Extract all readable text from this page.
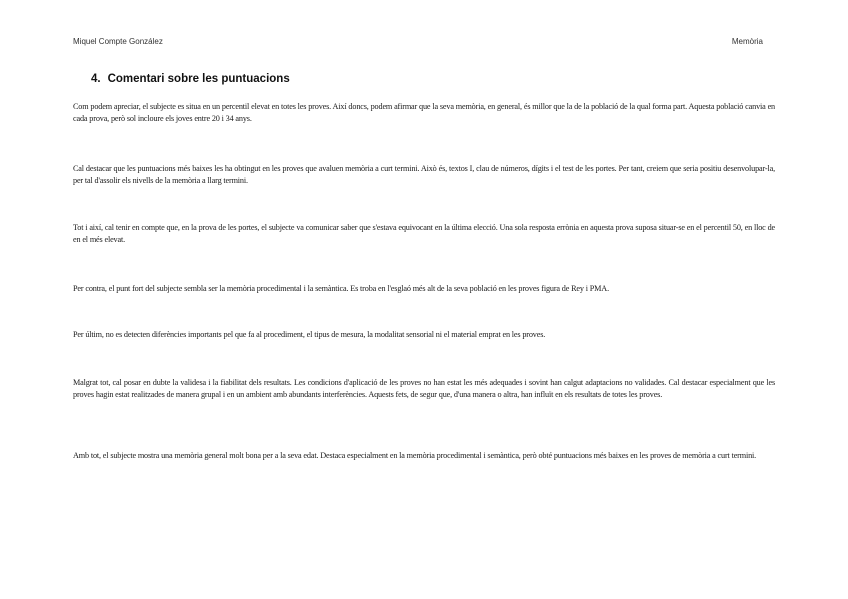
Miquel Compte González	Memòria
4. Comentari sobre les puntuacions

Com podem apreciar, el subjecte es situa en un percentil elevat en totes les proves. Així doncs, podem afirmar que la seva memòria, en general, és millor que la de la població de la qual forma part. Aquesta població canvia en cada prova, però sol incloure els joves entre 20 i 34 anys.

Cal destacar que les puntuacions més baixes les ha obtingut en les proves que avaluen memòria a curt termini. Això és, textos I, clau de números, dígits i el test de les portes. Per tant, creiem que seria positiu desenvolupar-la, per tal d'assolir els nivells de la memòria a llarg termini.

Tot i així, cal tenir en compte que, en la prova de les portes, el subjecte va comunicar saber que s'estava equivocant en la última elecció. Una sola resposta errònia en aquesta prova suposa situar-se en el percentil 50, en lloc de en el més elevat.

Per contra, el punt fort del subjecte sembla ser la memòria procedimental i la semàntica. Es troba en l'esglaó més alt de la seva població en les proves figura de Rey i PMA.

Per últim, no es detecten diferències importants pel que fa al procediment, el tipus de mesura, la modalitat sensorial ni el material emprat en les proves.

Malgrat tot, cal posar en dubte la validesa i la fiabilitat dels resultats. Les condicions d'aplicació de les proves no han estat les més adequades i sovint han calgut adaptacions no validades. Cal destacar especialment que les proves hagin estat realitzades de manera grupal i en un ambient amb abundants interferències. Aquests fets, de segur que, d'una manera o altra, han influït en els resultats de totes les proves.

Amb tot, el subjecte mostra una memòria general molt bona per a la seva edat. Destaca especialment en la memòria procedimental i semàntica, però obté puntuacions més baixes en les proves de memòria a curt termini.
